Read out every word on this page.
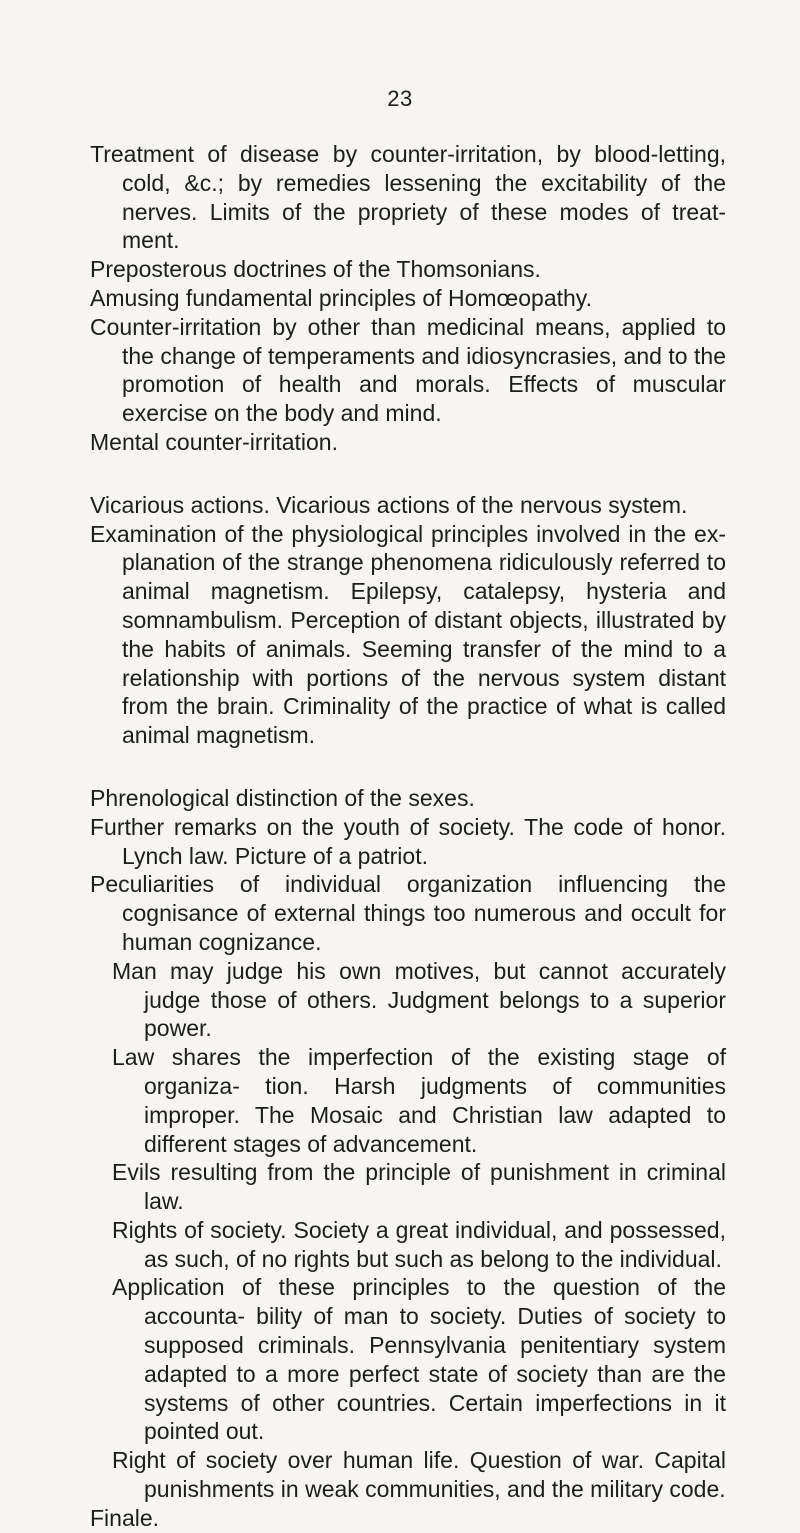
23

Treatment of disease by counter-irritation, by blood-letting, cold, &c.; by remedies lessening the excitability of the nerves. Limits of the propriety of these modes of treat- ment.

Preposterous doctrines of the Thomsonians.

Amusing fundamental principles of Homœopathy.

Counter-irritation by other than medicinal means, applied to the change of temperaments and idiosyncrasies, and to the promotion of health and morals. Effects of muscular exercise on the body and mind.

Mental counter-irritation.

Vicarious actions. Vicarious actions of the nervous system.

Examination of the physiological principles involved in the ex- planation of the strange phenomena ridiculously referred to animal magnetism. Epilepsy, catalepsy, hysteria and somnambulism. Perception of distant objects, illustrated by the habits of animals. Seeming transfer of the mind to a relationship with portions of the nervous system distant from the brain. Criminality of the practice of what is called animal magnetism.

Phrenological distinction of the sexes.

Further remarks on the youth of society. The code of honor. Lynch law. Picture of a patriot.

Peculiarities of individual organization influencing the cognisance of external things too numerous and occult for human cognizance.

Man may judge his own motives, but cannot accurately judge those of others. Judgment belongs to a superior power.

Law shares the imperfection of the existing stage of organiza- tion. Harsh judgments of communities improper. The Mosaic and Christian law adapted to different stages of advancement.

Evils resulting from the principle of punishment in criminal law.

Rights of society. Society a great individual, and possessed, as such, of no rights but such as belong to the individual.

Application of these principles to the question of the accounta- bility of man to society. Duties of society to supposed criminals. Pennsylvania penitentiary system adapted to a more perfect state of society than are the systems of other countries. Certain imperfections in it pointed out.

Right of society over human life. Question of war. Capital punishments in weak communities, and the military code.

Finale.
